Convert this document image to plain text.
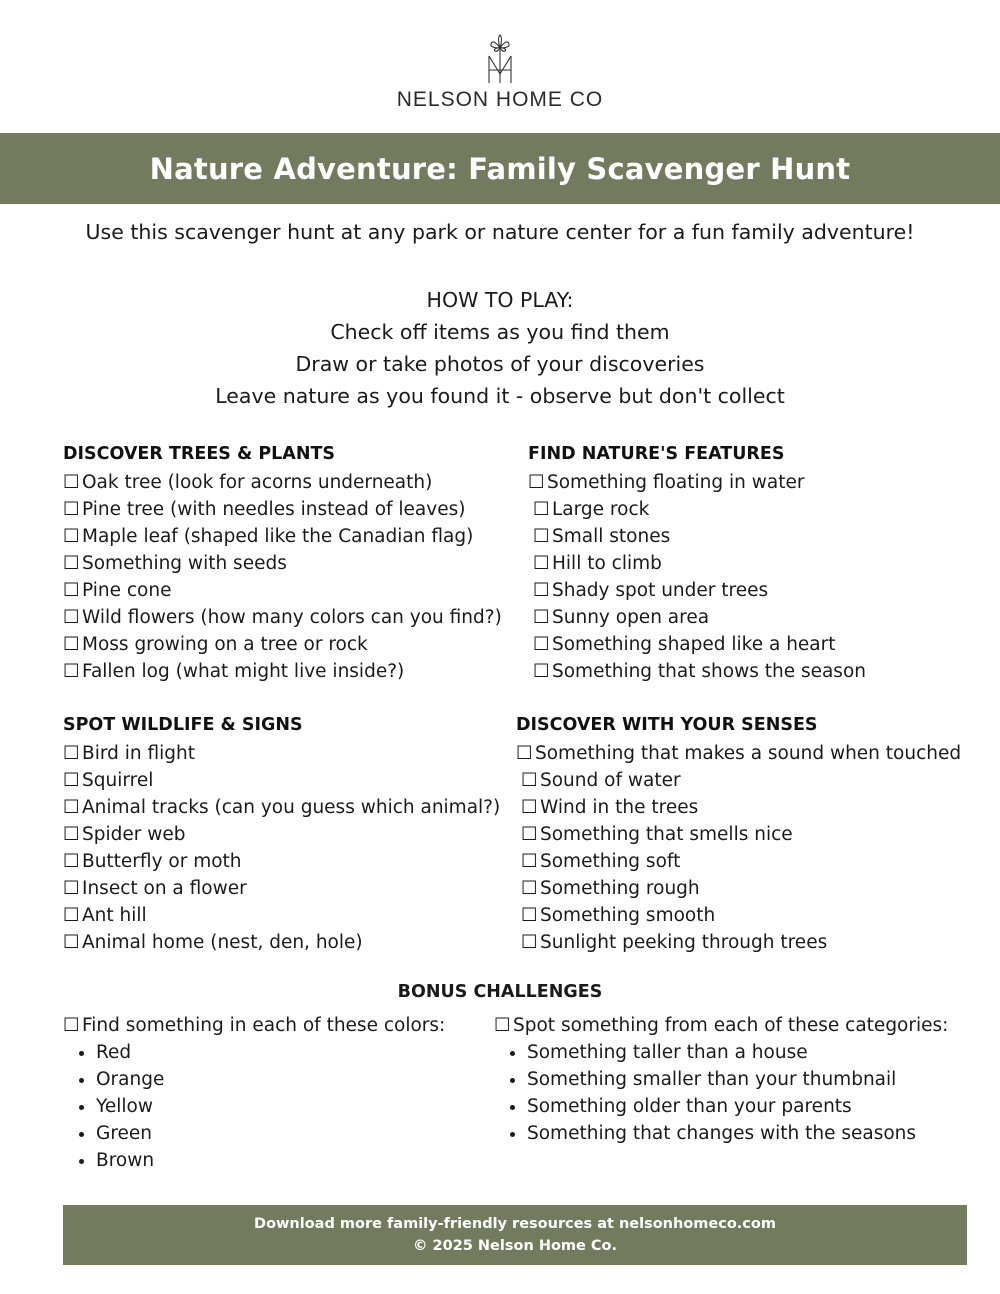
NELSON HOME CO
Nature Adventure: Family Scavenger Hunt
Use this scavenger hunt at any park or nature center for a fun family adventure!
HOW TO PLAY:
Check off items as you find them
Draw or take photos of your discoveries
Leave nature as you found it - observe but don't collect
DISCOVER TREES & PLANTS
☐ Oak tree (look for acorns underneath)
☐ Pine tree (with needles instead of leaves)
☐ Maple leaf (shaped like the Canadian flag)
☐ Something with seeds
☐ Pine cone
☐ Wild flowers (how many colors can you find?)
☐ Moss growing on a tree or rock
☐ Fallen log (what might live inside?)
FIND NATURE'S FEATURES
☐ Something floating in water
☐ Large rock
☐ Small stones
☐ Hill to climb
☐ Shady spot under trees
☐ Sunny open area
☐ Something shaped like a heart
☐ Something that shows the season
SPOT WILDLIFE & SIGNS
☐ Bird in flight
☐ Squirrel
☐ Animal tracks (can you guess which animal?)
☐ Spider web
☐ Butterfly or moth
☐ Insect on a flower
☐ Ant hill
☐ Animal home (nest, den, hole)
DISCOVER WITH YOUR SENSES
☐ Something that makes a sound when touched
☐ Sound of water
☐ Wind in the trees
☐ Something that smells nice
☐ Something soft
☐ Something rough
☐ Something smooth
☐ Sunlight peeking through trees
BONUS CHALLENGES
☐ Find something in each of these colors:
• Red
• Orange
• Yellow
• Green
• Brown
☐ Spot something from each of these categories:
• Something taller than a house
• Something smaller than your thumbnail
• Something older than your parents
• Something that changes with the seasons
Download more family-friendly resources at nelsonhomeco.com
© 2025 Nelson Home Co.
